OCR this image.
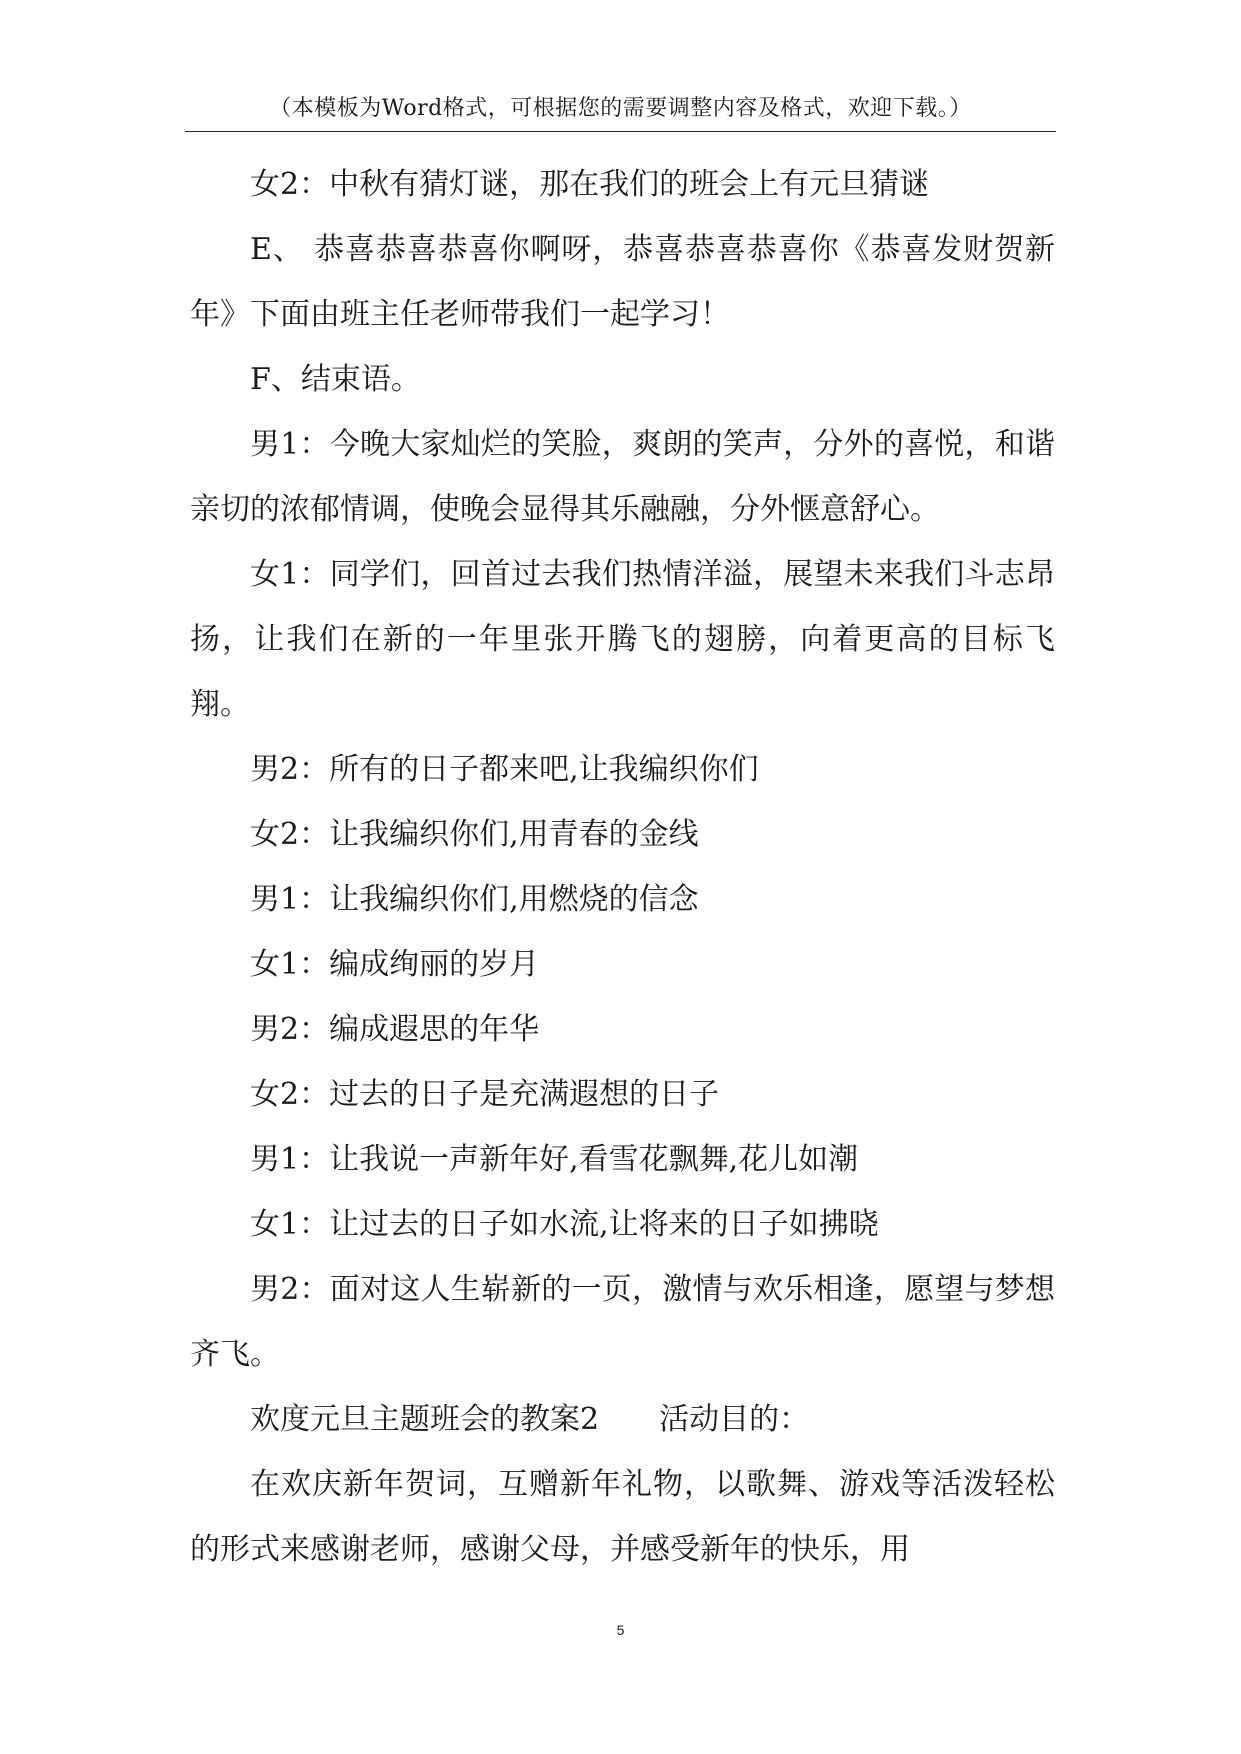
（本模板为Word格式，可根据您的需要调整内容及格式，欢迎下载。）

女2：中秋有猜灯谜，那在我们的班会上有元旦猜谜

E、 恭喜恭喜恭喜你啊呀，恭喜恭喜恭喜你《恭喜发财贺新年》下面由班主任老师带我们一起学习！

F、结束语。

男1：今晚大家灿烂的笑脸，爽朗的笑声，分外的喜悦，和谐亲切的浓郁情调，使晚会显得其乐融融，分外惬意舒心。

女1：同学们，回首过去我们热情洋溢，展望未来我们斗志昂扬，让我们在新的一年里张开腾飞的翅膀，向着更高的目标飞翔。

男2：所有的日子都来吧,让我编织你们

女2：让我编织你们,用青春的金线

男1：让我编织你们,用燃烧的信念

女1：编成绚丽的岁月

男2：编成遐思的年华

女2：过去的日子是充满遐想的日子

男1：让我说一声新年好,看雪花飘舞,花儿如潮

女1：让过去的日子如水流,让将来的日子如拂晓

男2：面对这人生崭新的一页，激情与欢乐相逢，愿望与梦想齐飞。

欢度元旦主题班会的教案2　　活动目的：

在欢庆新年贺词，互赠新年礼物，以歌舞、游戏等活泼轻松的形式来感谢老师，感谢父母，并感受新年的快乐，用

5
